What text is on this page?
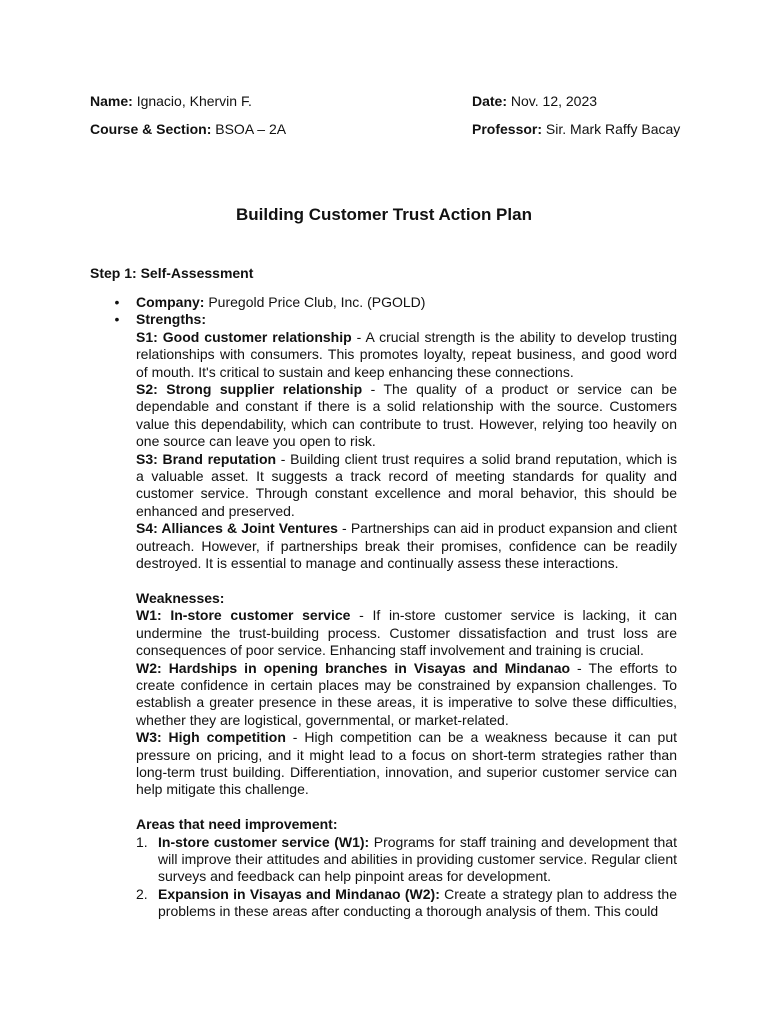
Name: Ignacio, Khervin F.	Date: Nov. 12, 2023
Course & Section: BSOA – 2A	Professor: Sir. Mark Raffy Bacay
Building Customer Trust Action Plan
Step 1: Self-Assessment
• Company: Puregold Price Club, Inc. (PGOLD)

• Strengths:

S1: Good customer relationship - A crucial strength is the ability to develop trusting relationships with consumers. This promotes loyalty, repeat business, and good word of mouth. It's critical to sustain and keep enhancing these connections.

S2: Strong supplier relationship - The quality of a product or service can be dependable and constant if there is a solid relationship with the source. Customers value this dependability, which can contribute to trust. However, relying too heavily on one source can leave you open to risk.

S3: Brand reputation - Building client trust requires a solid brand reputation, which is a valuable asset. It suggests a track record of meeting standards for quality and customer service. Through constant excellence and moral behavior, this should be enhanced and preserved.

S4: Alliances & Joint Ventures - Partnerships can aid in product expansion and client outreach. However, if partnerships break their promises, confidence can be readily destroyed. It is essential to manage and continually assess these interactions.

Weaknesses:

W1: In-store customer service - If in-store customer service is lacking, it can undermine the trust-building process. Customer dissatisfaction and trust loss are consequences of poor service. Enhancing staff involvement and training is crucial.

W2: Hardships in opening branches in Visayas and Mindanao - The efforts to create confidence in certain places may be constrained by expansion challenges. To establish a greater presence in these areas, it is imperative to solve these difficulties, whether they are logistical, governmental, or market-related.

W3: High competition - High competition can be a weakness because it can put pressure on pricing, and it might lead to a focus on short-term strategies rather than long-term trust building. Differentiation, innovation, and superior customer service can help mitigate this challenge.

Areas that need improvement:

1. In-store customer service (W1): Programs for staff training and development that will improve their attitudes and abilities in providing customer service. Regular client surveys and feedback can help pinpoint areas for development.
2. Expansion in Visayas and Mindanao (W2): Create a strategy plan to address the problems in these areas after conducting a thorough analysis of them. This could
